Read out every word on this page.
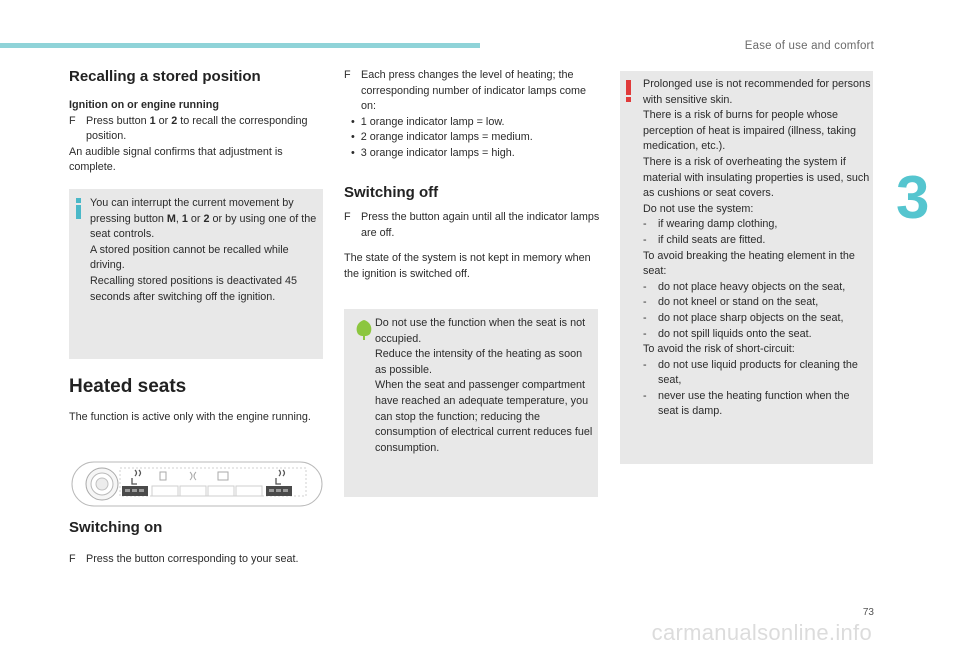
Ease of use and comfort
3
Recalling a stored position

Ignition on or engine running

F Press button 1 or 2 to recall the corresponding position.

An audible signal confirms that adjustment is complete.

You can interrupt the current movement by pressing button M, 1 or 2 or by using one of the seat controls.

A stored position cannot be recalled while driving.

Recalling stored positions is deactivated 45 seconds after switching off the ignition.

Heated seats
The function is active only with the engine running.
Switching on

F Press the button corresponding to your seat.

F Each press changes the level of heating; the corresponding number of indicator lamps come on:

•  1 orange indicator lamp = low.

•  2 orange indicator lamps = medium.

•  3 orange indicator lamps = high.

Switching off

F Press the button again until all the indicator lamps are off.

The state of the system is not kept in memory when the ignition is switched off.

Do not use the function when the seat is not occupied.

Reduce the intensity of the heating as soon as possible.

When the seat and passenger compartment have reached an adequate temperature, you can stop the function; reducing the consumption of electrical current reduces fuel consumption.

Prolonged use is not recommended for persons with sensitive skin.

There is a risk of burns for people whose perception of heat is impaired (illness, taking medication, etc.).

There is a risk of overheating the system if material with insulating properties is used, such as cushions or seat covers.

Do not use the system:

- if wearing damp clothing,

- if child seats are fitted.

To avoid breaking the heating element in the seat:

- do not place heavy objects on the seat,

- do not kneel or stand on the seat,

- do not place sharp objects on the seat,

- do not spill liquids onto the seat.

To avoid the risk of short-circuit:

- do not use liquid products for cleaning the seat,

- never use the heating function when the seat is damp.

73
carmanualsonline.info
